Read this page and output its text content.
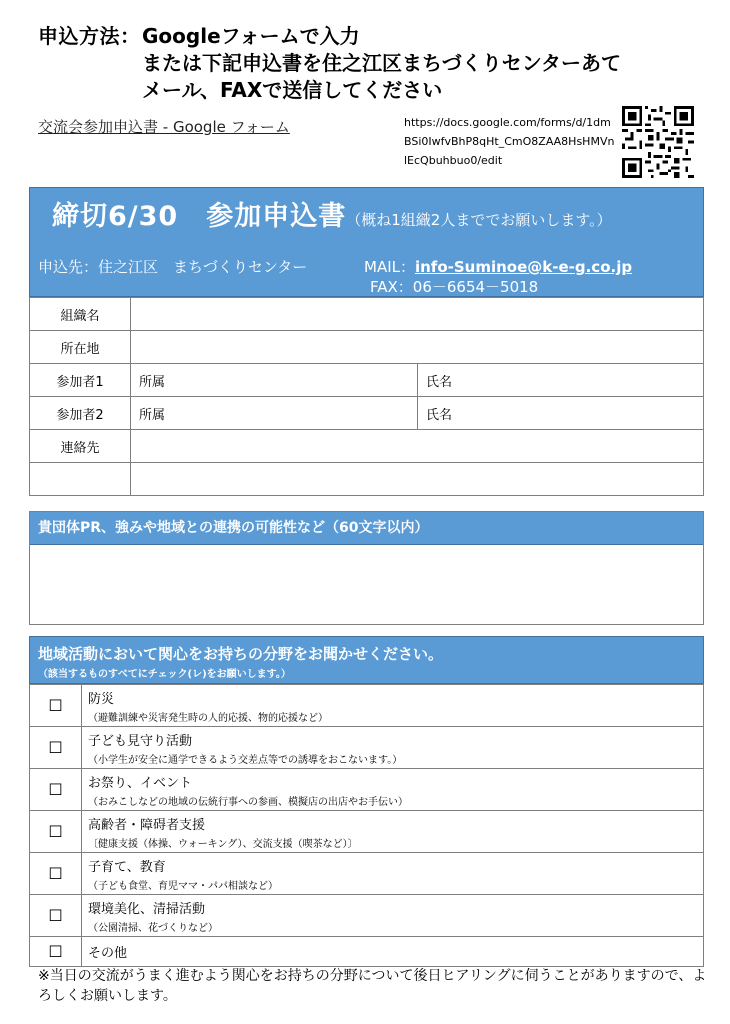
申込方法： Googleフォームで入力
または下記申込書を住之江区まちづくりセンターあて
メール、FAXで送信してください
交流会参加申込書 - Google フォーム	https://docs.google.com/forms/d/1dmBSi0IwfvBhP8qHt_CmO8ZAA8HsHMVnlEcQbuhbuo0/edit
締切6/30　参加申込書（概ね1組織2人まででお願いします。）
申込先：住之江区　まちづくりセンター	MAIL：info-Suminoe@k-e-g.co.jp
FAX：06－6654－5018
組織名		
所在地		
参加者1	所属	氏名
参加者2	所属	氏名
連絡先		

貴団体PR、強みや地域との連携の可能性など（60文字以内）
地域活動において関心をお持ちの分野をお聞かせください。
（該当するものすべてにチェック(レ)をお願いします。）
☐	防災
（避難訓練や災害発生時の人的応援、物的応援など）

☐	子ども見守り活動
（小学生が安全に通学できるよう交差点等での誘導をおこないます。）

☐	お祭り、イベント
（おみこしなどの地域の伝統行事への参画、模擬店の出店やお手伝い）

☐	高齢者・障碍者支援
〔健康支援（体操、ウォーキング）、交流支援（喫茶など）〕

☐	子育て、教育
（子ども食堂、育児ママ・パパ相談など）

☐	環境美化、清掃活動
（公園清掃、花づくりなど）

☐	その他
※当日の交流がうまく進むよう関心をお持ちの分野について後日ヒアリングに伺うことがありますので、よろしくお願いします。
